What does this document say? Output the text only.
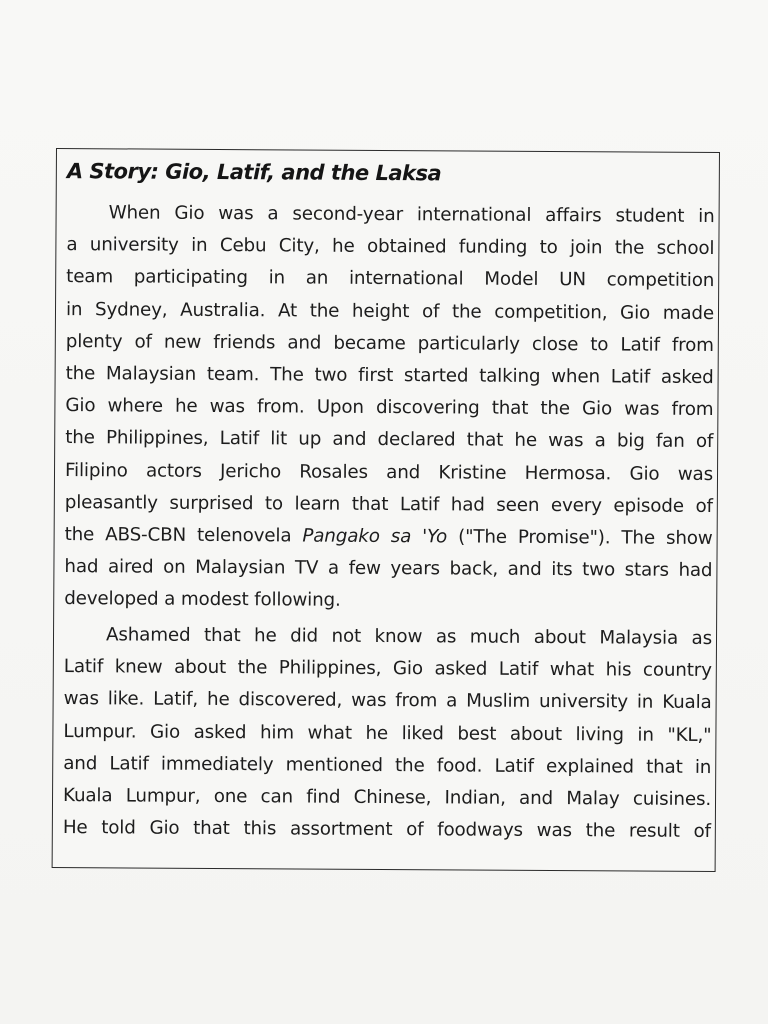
A Story: Gio, Latif, and the Laksa
When Gio was a second-year international affairs student in
a university in Cebu City, he obtained funding to join the school
team participating in an international Model UN competition
in Sydney, Australia. At the height of the competition, Gio made
plenty of new friends and became particularly close to Latif from
the Malaysian team. The two first started talking when Latif asked
Gio where he was from. Upon discovering that the Gio was from
the Philippines, Latif lit up and declared that he was a big fan of
Filipino actors Jericho Rosales and Kristine Hermosa. Gio was
pleasantly surprised to learn that Latif had seen every episode of
the ABS-CBN telenovela Pangako sa 'Yo ("The Promise"). The show
had aired on Malaysian TV a few years back, and its two stars had
developed a modest following.
Ashamed that he did not know as much about Malaysia as
Latif knew about the Philippines, Gio asked Latif what his country
was like. Latif, he discovered, was from a Muslim university in Kuala
Lumpur. Gio asked him what he liked best about living in "KL,"
and Latif immediately mentioned the food. Latif explained that in
Kuala Lumpur, one can find Chinese, Indian, and Malay cuisines.
He told Gio that this assortment of foodways was the result of
